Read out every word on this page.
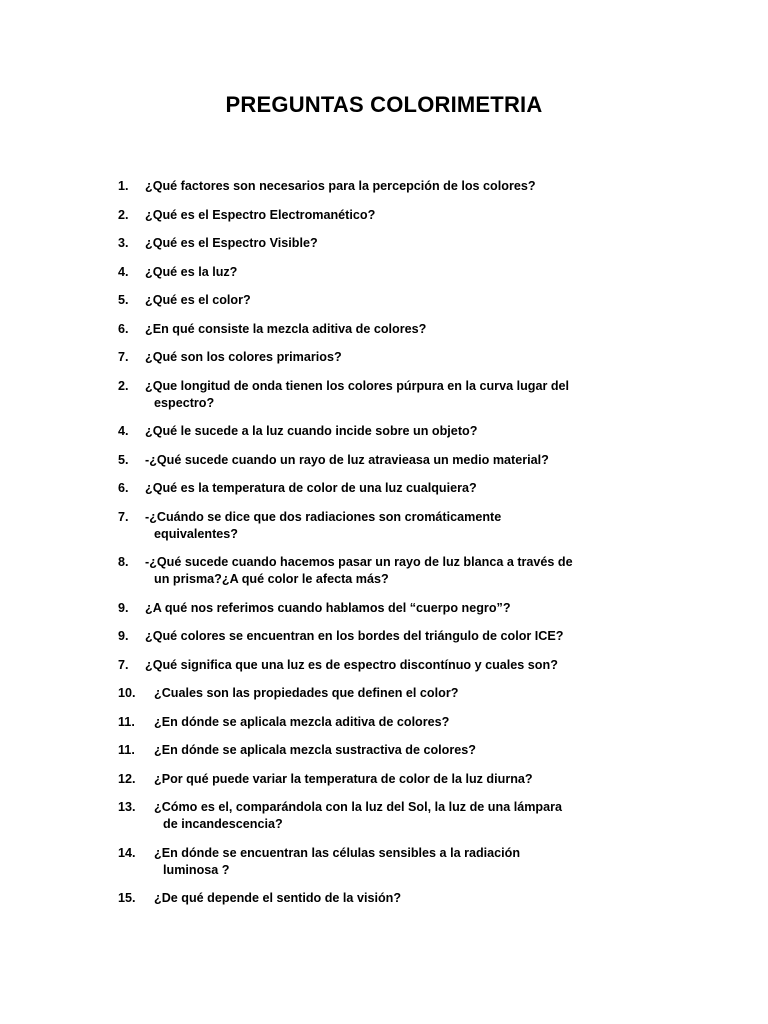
PREGUNTAS COLORIMETRIA
1. ¿Qué factores son necesarios para la percepción de los colores?
2. ¿Qué es el Espectro Electromanético?
3. ¿Qué es el Espectro Visible?
4. ¿Qué es la luz?
5. ¿Qué es el color?
6. ¿En qué consiste la mezcla aditiva de colores?
7. ¿Qué son los colores primarios?
2. ¿Que longitud de onda tienen los colores púrpura en la curva lugar del
espectro?
4. ¿Qué le sucede a la luz cuando incide sobre un objeto?
5. -¿Qué sucede cuando un rayo de luz atravieasa un medio material?
6. ¿Qué es la temperatura de color de una luz cualquiera?
7. -¿Cuándo se dice que dos radiaciones son cromáticamente
equivalentes?
8. -¿Qué sucede cuando hacemos pasar un rayo de luz blanca a través de
un prisma?¿A qué color le afecta más?
9. ¿A qué nos referimos cuando hablamos del “cuerpo negro”?
9. ¿Qué colores se encuentran en los bordes del triángulo de color ICE?
7. ¿Qué significa que una luz es de espectro discontínuo y cuales son?
10. ¿Cuales son las propiedades que definen el color?
11. ¿En dónde se aplicala mezcla aditiva de colores?
11. ¿En dónde se aplicala mezcla sustractiva de colores?
12. ¿Por qué puede variar la temperatura de color de la luz diurna?
13. ¿Cómo es el, comparándola con la luz del Sol, la luz de una lámpara
de incandescencia?
14. ¿En dónde se encuentran las células sensibles a la radiación
luminosa ?
15. ¿De qué depende el sentido de la visión?
